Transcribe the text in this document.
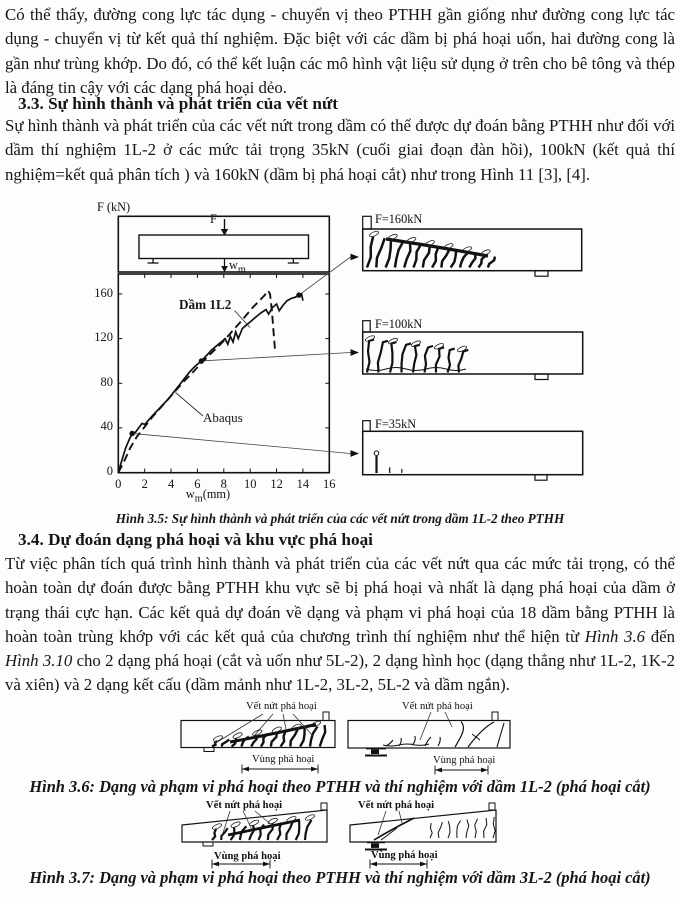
Có thể thấy, đường cong lực tác dụng - chuyển vị theo PTHH gần giống như đường cong lực tác dụng - chuyển vị từ kết quả thí nghiệm. Đặc biệt với các dầm bị phá hoại uốn, hai đường cong là gần như trùng khớp. Do đó, có thể kết luận các mô hình vật liệu sử dụng ở trên cho bê tông và thép là đáng tin cậy với các dạng phá hoại dẻo.

3.3. Sự hình thành và phát triển của vết nứt

Sự hình thành và phát triển của các vết nứt trong dầm có thể được dự đoán bằng PTHH như đối với dầm thí nghiệm 1L-2 ở các mức tải trọng 35kN (cuối giai đoạn đàn hồi), 100kN (kết quả thí nghiệm=kết quả phân tích ) và 160kN (dầm bị phá hoại cắt) như trong Hình 11 [3], [4].

F (kN)
$w_m(mm)$
F
$w_m$
Dầm 1L2
Abaqus
F=160kN
F=100kN
F=35kN
0	2	4	6	8	10	12	14	16
0
40
80
120
160

Hình 3.5: Sự hình thành và phát triển của các vết nứt trong dầm 1L-2 theo PTHH

3.4. Dự đoán dạng phá hoại và khu vực phá hoại

Từ việc phân tích quá trình hình thành và phát triển của các vết nứt qua các mức tải trọng, có thể hoàn toàn dự đoán được bằng PTHH khu vực sẽ bị phá hoại và nhất là dạng phá hoại của dầm ở trạng thái cực hạn. Các kết quả dự đoán về dạng và phạm vi phá hoại của 18 dầm bằng PTHH là hoàn toàn trùng khớp với các kết quả của chương trình thí nghiệm như thể hiện từ Hình 3.6 đến Hình 3.10 cho 2 dạng phá hoại (cắt và uốn như 5L-2), 2 dạng hình học (dạng thẳng như 1L-2, 1K-2 và xiên) và 2 dạng kết cấu (dầm mảnh như 1L-2, 3L-2, 5L-2 và dầm ngắn).

Vết nứt phá hoại	Vết nứt phá hoại
Vùng phá hoại	Vùng phá hoại

Hình 3.6: Dạng và phạm vi phá hoại theo PTHH và thí nghiệm với dầm 1L-2 (phá hoại cắt)

Vết nứt phá hoại	Vết nứt phá hoại
Vùng phá hoại	Vùng phá hoại

Hình 3.7: Dạng và phạm vi phá hoại theo PTHH và thí nghiệm với dầm 3L-2 (phá hoại cắt)
